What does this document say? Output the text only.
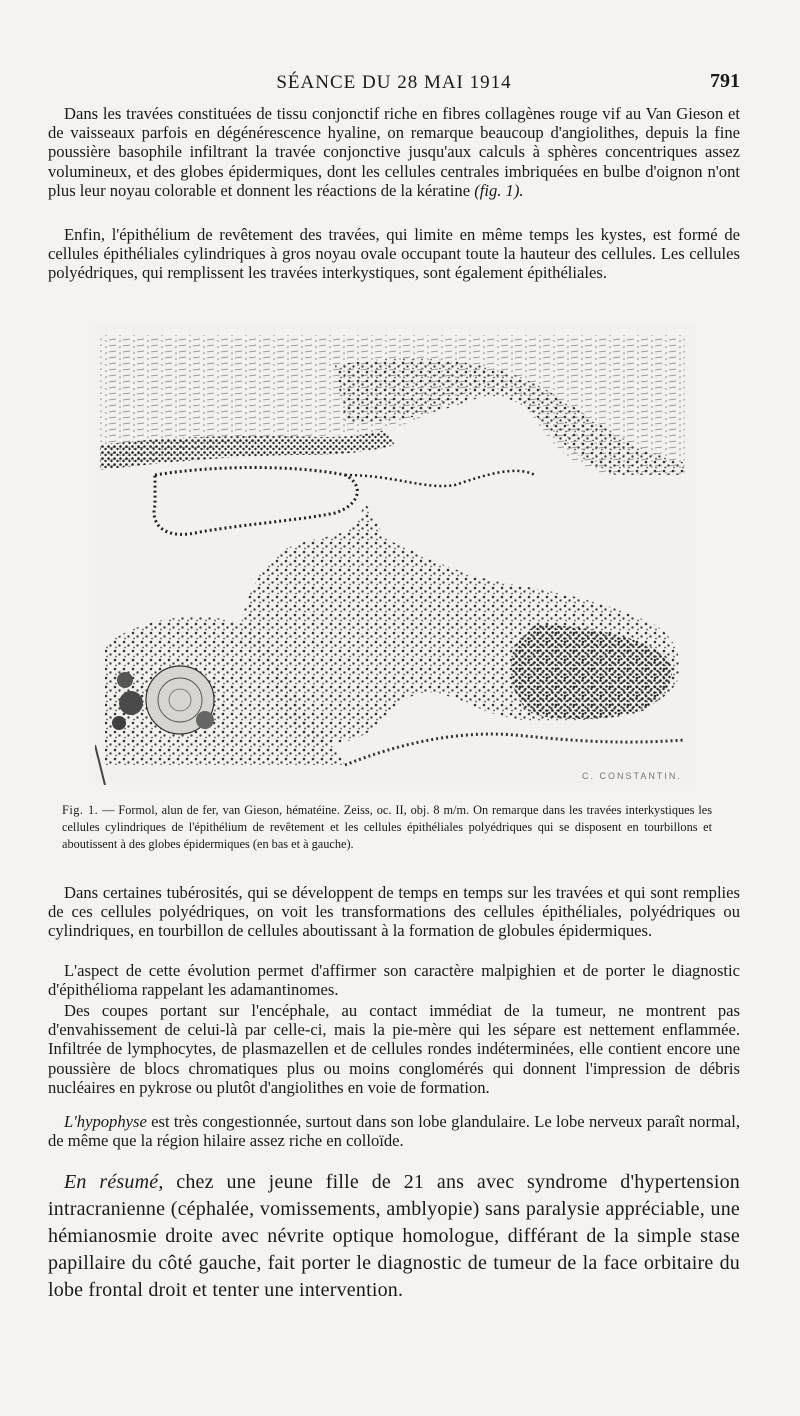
SÉANCE DU 28 MAI 1914	791

Dans les travées constituées de tissu conjonctif riche en fibres collagènes rouge vif au Van Gieson et de vaisseaux parfois en dégénérescence hyaline, on remarque beaucoup d'angiolithes, depuis la fine poussière basophile infiltrant la travée conjonctive jusqu'aux calculs à sphères concentriques assez volumineux, et des globes épidermiques, dont les cellules centrales imbriquées en bulbe d'oignon n'ont plus leur noyau colorable et donnent les réactions de la kératine (fig. 1).

Enfin, l'épithélium de revêtement des travées, qui limite en même temps les kystes, est formé de cellules épithéliales cylindriques à gros noyau ovale occupant toute la hauteur des cellules. Les cellules polyédriques, qui remplissent les travées interkystiques, sont également épithéliales.

C. CONSTANTIN.

Fig. 1. — Formol, alun de fer, van Gieson, hématéine. Zeiss, oc. II, obj. 8 m/m. On remarque dans les travées interkystiques les cellules cylindriques de l'épithélium de revêtement et les cellules épithéliales polyédriques qui se disposent en tourbillons et aboutissent à des globes épidermiques (en bas et à gauche).

Dans certaines tubérosités, qui se développent de temps en temps sur les travées et qui sont remplies de ces cellules polyédriques, on voit les transformations des cellules épithéliales, polyédriques ou cylindriques, en tourbillon de cellules aboutissant à la formation de globules épidermiques.

L'aspect de cette évolution permet d'affirmer son caractère malpighien et de porter le diagnostic d'épithélioma rappelant les adamantinomes.

Des coupes portant sur l'encéphale, au contact immédiat de la tumeur, ne montrent pas d'envahissement de celui-là par celle-ci, mais la pie-mère qui les sépare est nettement enflammée. Infiltrée de lymphocytes, de plasmazellen et de cellules rondes indéterminées, elle contient encore une poussière de blocs chromatiques plus ou moins conglomérés qui donnent l'impression de débris nucléaires en pykrose ou plutôt d'angiolithes en voie de formation.

L'hypophyse est très congestionnée, surtout dans son lobe glandulaire. Le lobe nerveux paraît normal, de même que la région hilaire assez riche en colloïde.

En résumé, chez une jeune fille de 21 ans avec syndrome d'hypertension intracranienne (céphalée, vomissements, amblyopie) sans paralysie appréciable, une hémianosmie droite avec névrite optique homologue, différant de la simple stase papillaire du côté gauche, fait porter le diagnostic de tumeur de la face orbitaire du lobe frontal droit et tenter une intervention.
